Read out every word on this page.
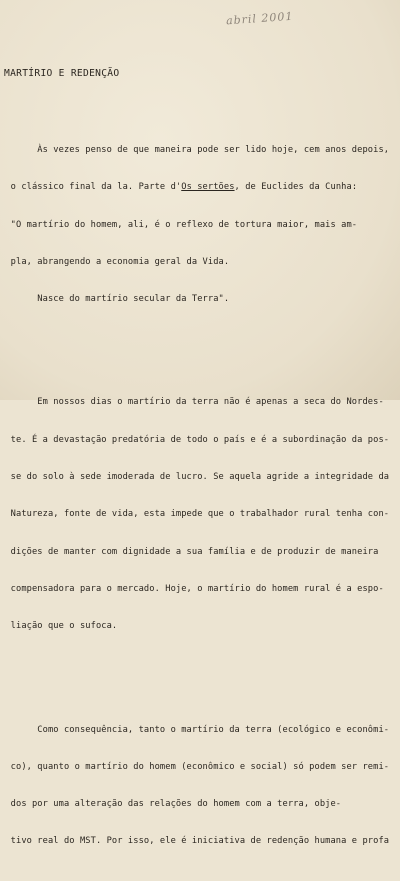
abril 2001
MARTÍRIO E REDENÇÃO

Às vezes penso de que maneira pode ser lido hoje, cem anos depois,

o clássico final da la. Parte d'Os sertões, de Euclides da Cunha:

"O martírio do homem, ali, é o reflexo de tortura maior, mais am-

pla, abrangendo a economia geral da Vida.

Nasce do martírio secular da Terra".

Em nossos dias o martírio da terra não é apenas a seca do Nordes-

te. É a devastação predatória de todo o país e é a subordinação da pos-

se do solo à sede imoderada de lucro. Se aquela agride a integridade da

Natureza, fonte de vida, esta impede que o trabalhador rural tenha con-

dições de manter com dignidade a sua família e de produzir de maneira

compensadora para o mercado. Hoje, o martírio do homem rural é a espo-

liação que o sufoca.

Como consequência, tanto o martírio da terra (ecológico e econômi-

co), quanto o martírio do homem (econômico e social) só podem ser remi-

dos por uma alteração das relações do homem com a terra, obje-

tivo real do MST. Por isso, ele é iniciativa de redenção humana e profa
